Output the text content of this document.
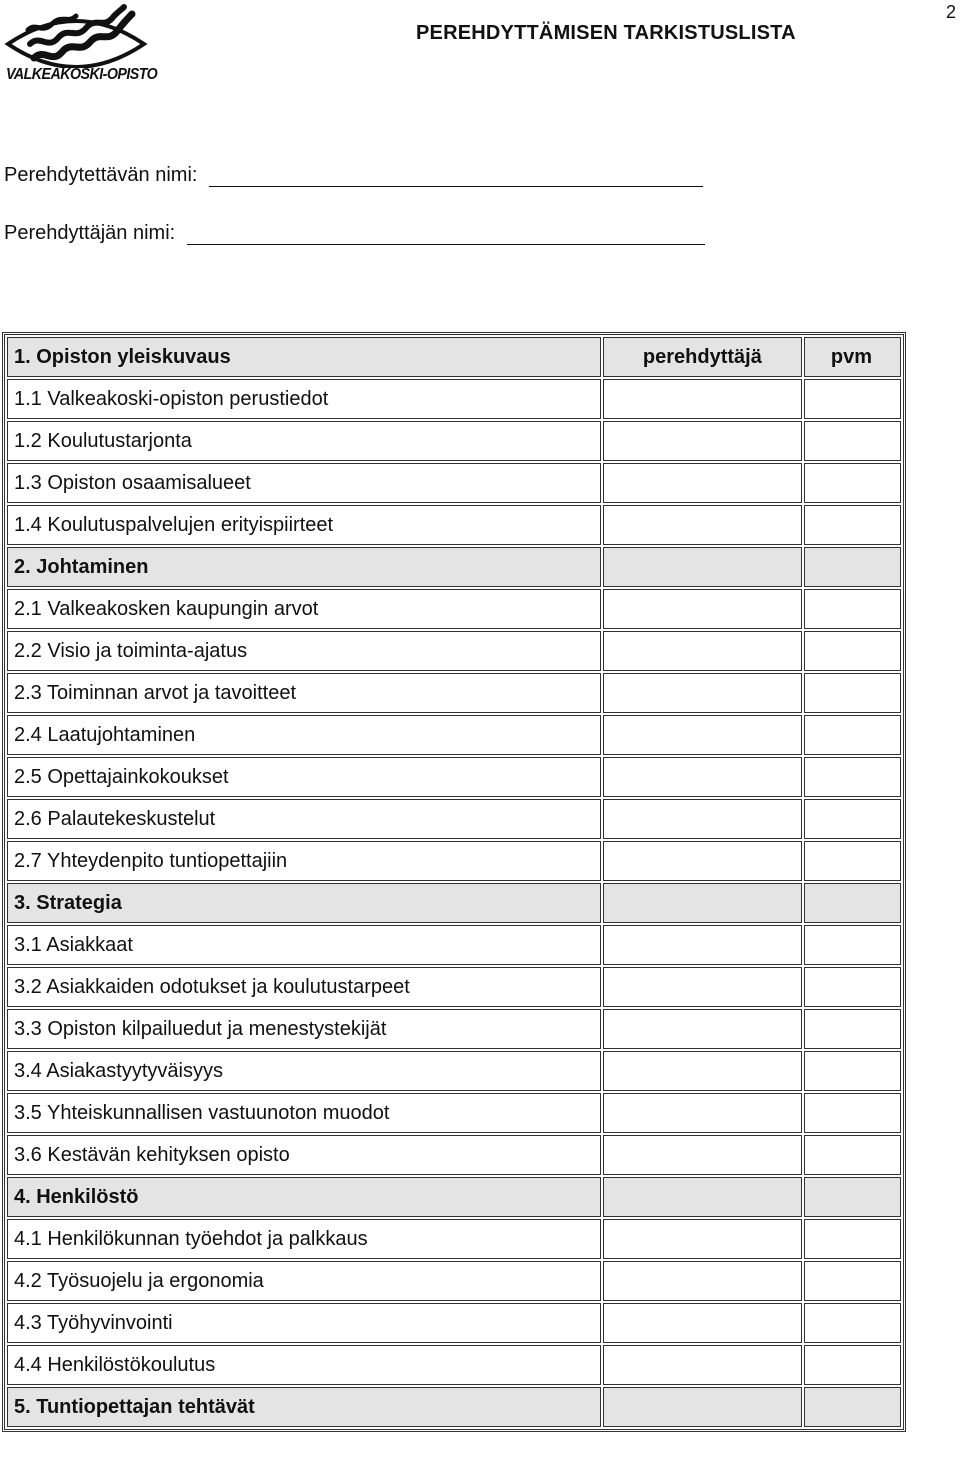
2
VALKEAKOSKI-OPISTO
PEREHDYTTÄMISEN TARKISTUSLISTA
Perehdytettävän nimi:
Perehdyttäjän nimi:
1. Opiston yleiskuvaus	perehdyttäjä	pvm
1.1 Valkeakoski-opiston perustiedot		
1.2 Koulutustarjonta		
1.3 Opiston osaamisalueet		
1.4 Koulutuspalvelujen erityispiirteet		
2. Johtaminen		
2.1 Valkeakosken kaupungin arvot		
2.2 Visio ja toiminta-ajatus		
2.3 Toiminnan arvot ja tavoitteet		
2.4 Laatujohtaminen		
2.5 Opettajainkokoukset		
2.6 Palautekeskustelut		
2.7 Yhteydenpito tuntiopettajiin		
3. Strategia		
3.1 Asiakkaat		
3.2 Asiakkaiden odotukset ja koulutustarpeet		
3.3 Opiston kilpailuedut ja menestystekijät		
3.4 Asiakastyytyväisyys		
3.5 Yhteiskunnallisen vastuunoton muodot		
3.6 Kestävän kehityksen opisto		
4. Henkilöstö		
4.1 Henkilökunnan työehdot ja palkkaus		
4.2 Työsuojelu ja ergonomia		
4.3 Työhyvinvointi		
4.4 Henkilöstökoulutus		
5. Tuntiopettajan tehtävät		
